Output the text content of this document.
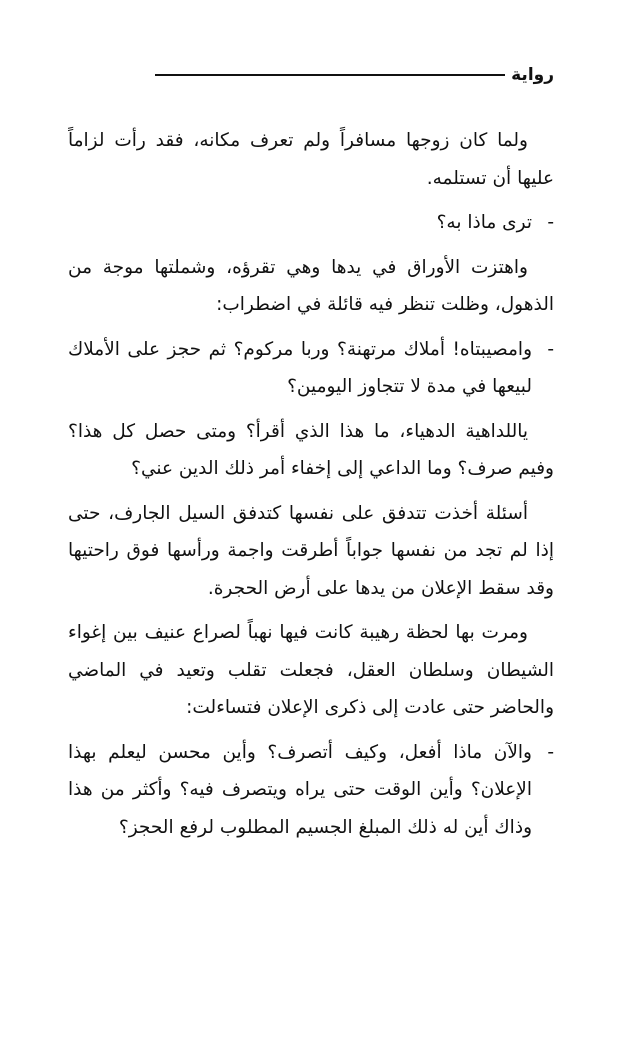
رواية

ولما كان زوجها مسافراً ولم تعرف مكانه، فقد رأت لزاماً عليها أن تستلمه.

-
ترى ماذا به؟

واهتزت الأوراق في يدها وهي تقرؤه، وشملتها موجة من الذهول، وظلت تنظر فيه قائلة في اضطراب:

-
وامصيبتاه! أملاك مرتهنة؟ وربا مركوم؟ ثم حجز على الأملاك لبيعها في مدة لا تتجاوز اليومين؟

ياللداهية الدهياء، ما هذا الذي أقرأ؟ ومتى حصل كل هذا؟ وفيم صرف؟ وما الداعي إلى إخفاء أمر ذلك الدين عني؟

أسئلة أخذت تتدفق على نفسها كتدفق السيل الجارف، حتى إذا لم تجد من نفسها جواباً أطرقت واجمة ورأسها فوق راحتيها وقد سقط الإعلان من يدها على أرض الحجرة.

ومرت بها لحظة رهيبة كانت فيها نهباً لصراع عنيف بين إغواء الشيطان وسلطان العقل، فجعلت تقلب وتعيد في الماضي والحاضر حتى عادت إلى ذكرى الإعلان فتساءلت:

-
والآن ماذا أفعل، وكيف أتصرف؟ وأين محسن ليعلم بهذا الإعلان؟ وأين الوقت حتى يراه ويتصرف فيه؟ وأكثر من هذا وذاك أين له ذلك المبلغ الجسيم المطلوب لرفع الحجز؟
